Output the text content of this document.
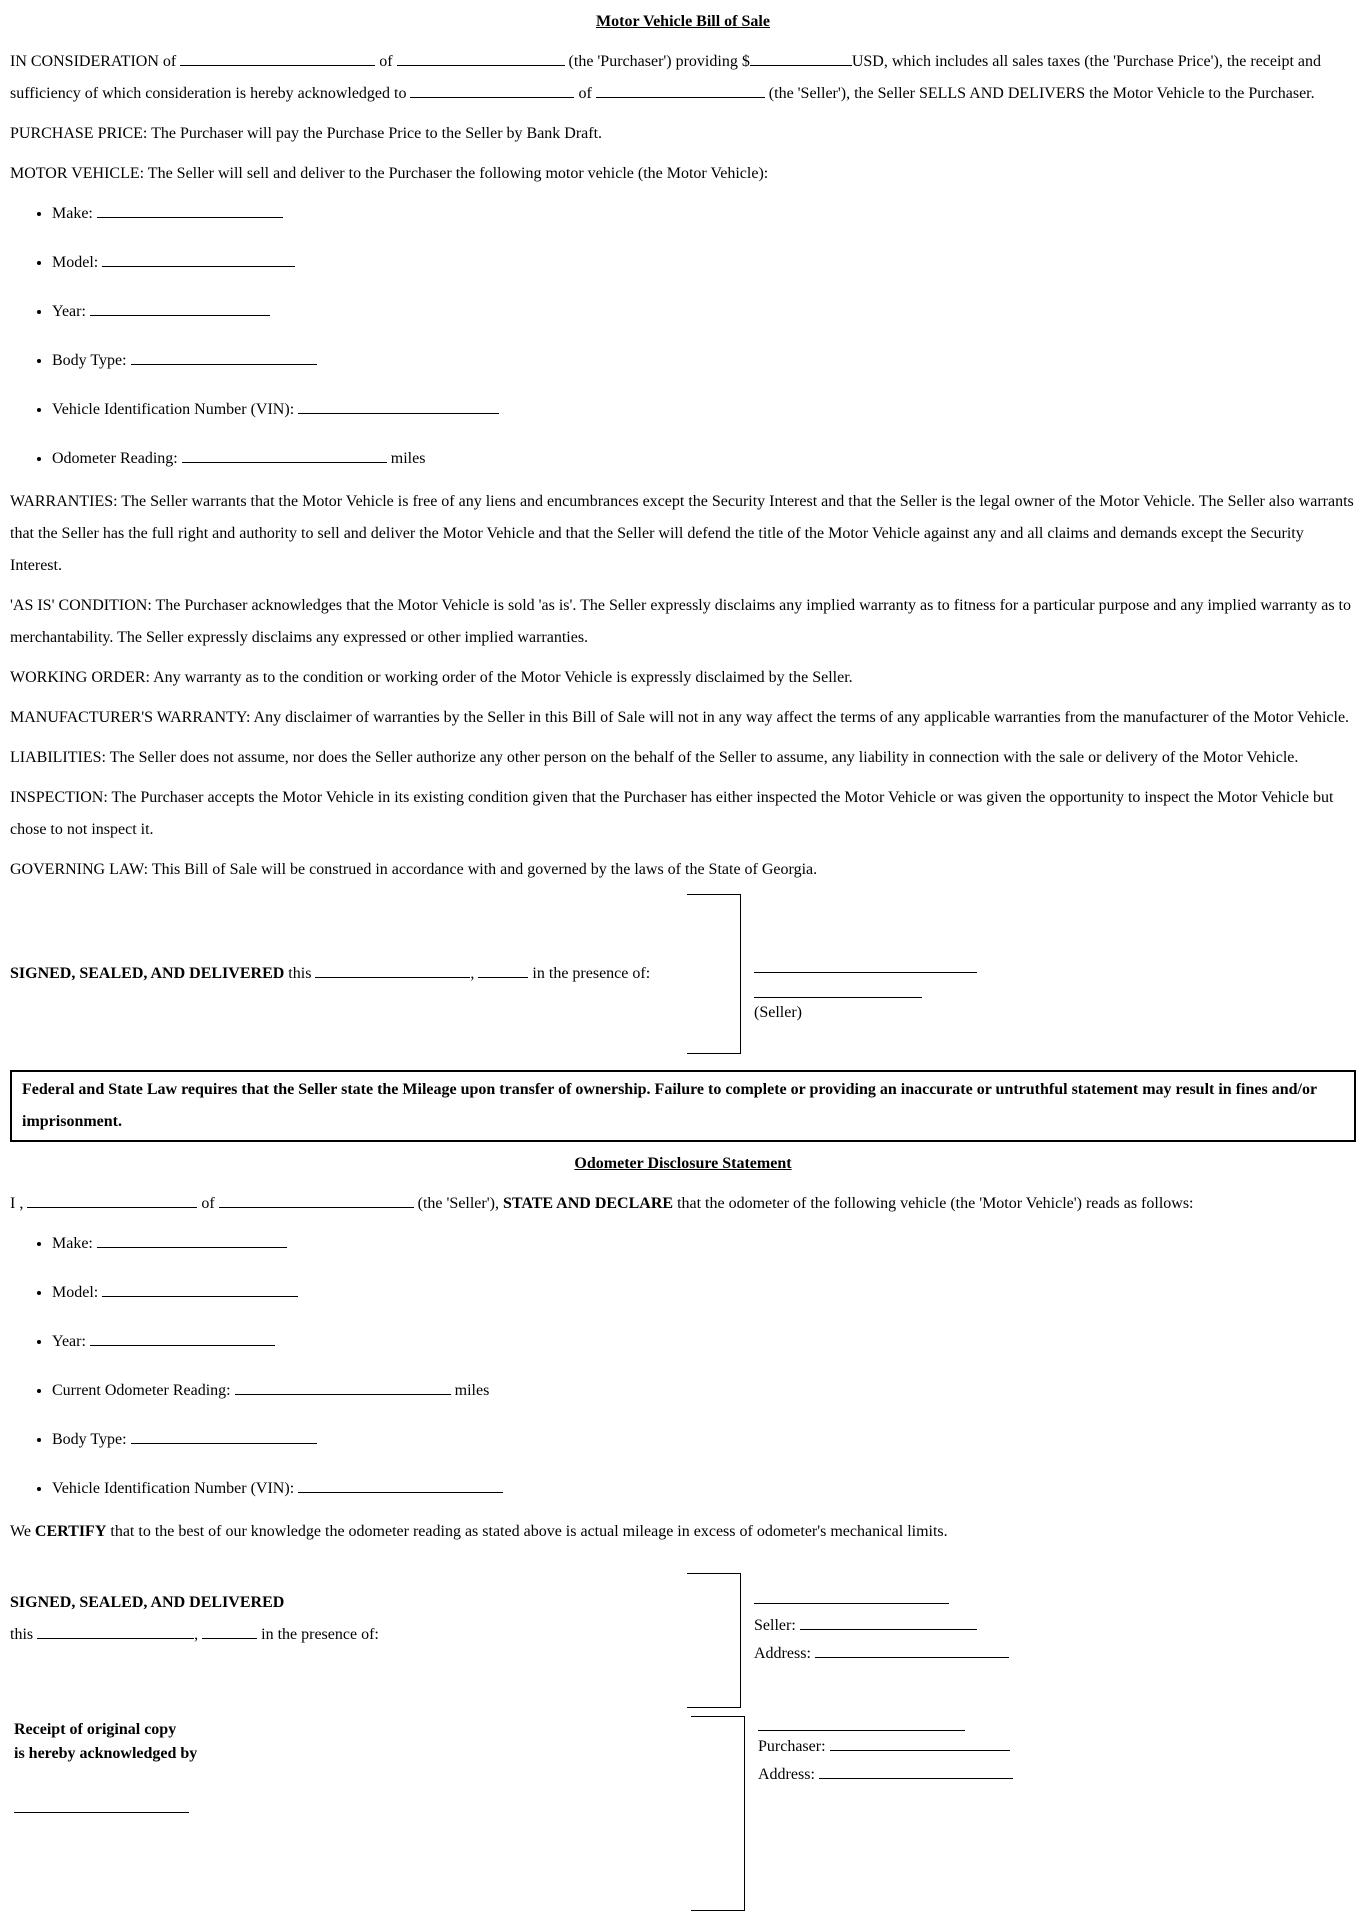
Motor Vehicle Bill of Sale

IN CONSIDERATION of	of	(the 'Purchaser') providing $	USD, which includes all sales taxes (the 'Purchase Price'), the receipt and sufficiency of which consideration is hereby acknowledged to	of	(the 'Seller'), the Seller SELLS AND DELIVERS the Motor Vehicle to the Purchaser.

PURCHASE PRICE: The Purchaser will pay the Purchase Price to the Seller by Bank Draft.

MOTOR VEHICLE: The Seller will sell and deliver to the Purchaser the following motor vehicle (the Motor Vehicle):

• Make:
• Model:
• Year:
• Body Type:
• Vehicle Identification Number (VIN):
• Odometer Reading:	miles

WARRANTIES: The Seller warrants that the Motor Vehicle is free of any liens and encumbrances except the Security Interest and that the Seller is the legal owner of the Motor Vehicle. The Seller also warrants that the Seller has the full right and authority to sell and deliver the Motor Vehicle and that the Seller will defend the title of the Motor Vehicle against any and all claims and demands except the Security Interest.

'AS IS' CONDITION: The Purchaser acknowledges that the Motor Vehicle is sold 'as is'. The Seller expressly disclaims any implied warranty as to fitness for a particular purpose and any implied warranty as to merchantability. The Seller expressly disclaims any expressed or other implied warranties.

WORKING ORDER: Any warranty as to the condition or working order of the Motor Vehicle is expressly disclaimed by the Seller.

MANUFACTURER'S WARRANTY: Any disclaimer of warranties by the Seller in this Bill of Sale will not in any way affect the terms of any applicable warranties from the manufacturer of the Motor Vehicle.

LIABILITIES: The Seller does not assume, nor does the Seller authorize any other person on the behalf of the Seller to assume, any liability in connection with the sale or delivery of the Motor Vehicle.

INSPECTION: The Purchaser accepts the Motor Vehicle in its existing condition given that the Purchaser has either inspected the Motor Vehicle or was given the opportunity to inspect the Motor Vehicle but chose to not inspect it.

GOVERNING LAW: This Bill of Sale will be construed in accordance with and governed by the laws of the State of Georgia.

SIGNED, SEALED, AND DELIVERED this	,	in the presence of:
(Seller)
Federal and State Law requires that the Seller state the Mileage upon transfer of ownership. Failure to complete or providing an inaccurate or untruthful statement may result in fines and/or imprisonment.

Odometer Disclosure Statement

I ,	of	(the 'Seller'), STATE AND DECLARE that the odometer of the following vehicle (the 'Motor Vehicle') reads as follows:

• Make:
• Model:
• Year:
• Current Odometer Reading:	miles
• Body Type:
• Vehicle Identification Number (VIN):

We CERTIFY that to the best of our knowledge the odometer reading as stated above is actual mileage in excess of odometer's mechanical limits.

SIGNED, SEALED, AND DELIVERED
this	,	in the presence of:
Seller:
Address:
Receipt of original copy
is hereby acknowledged by	Purchaser:
Address:
